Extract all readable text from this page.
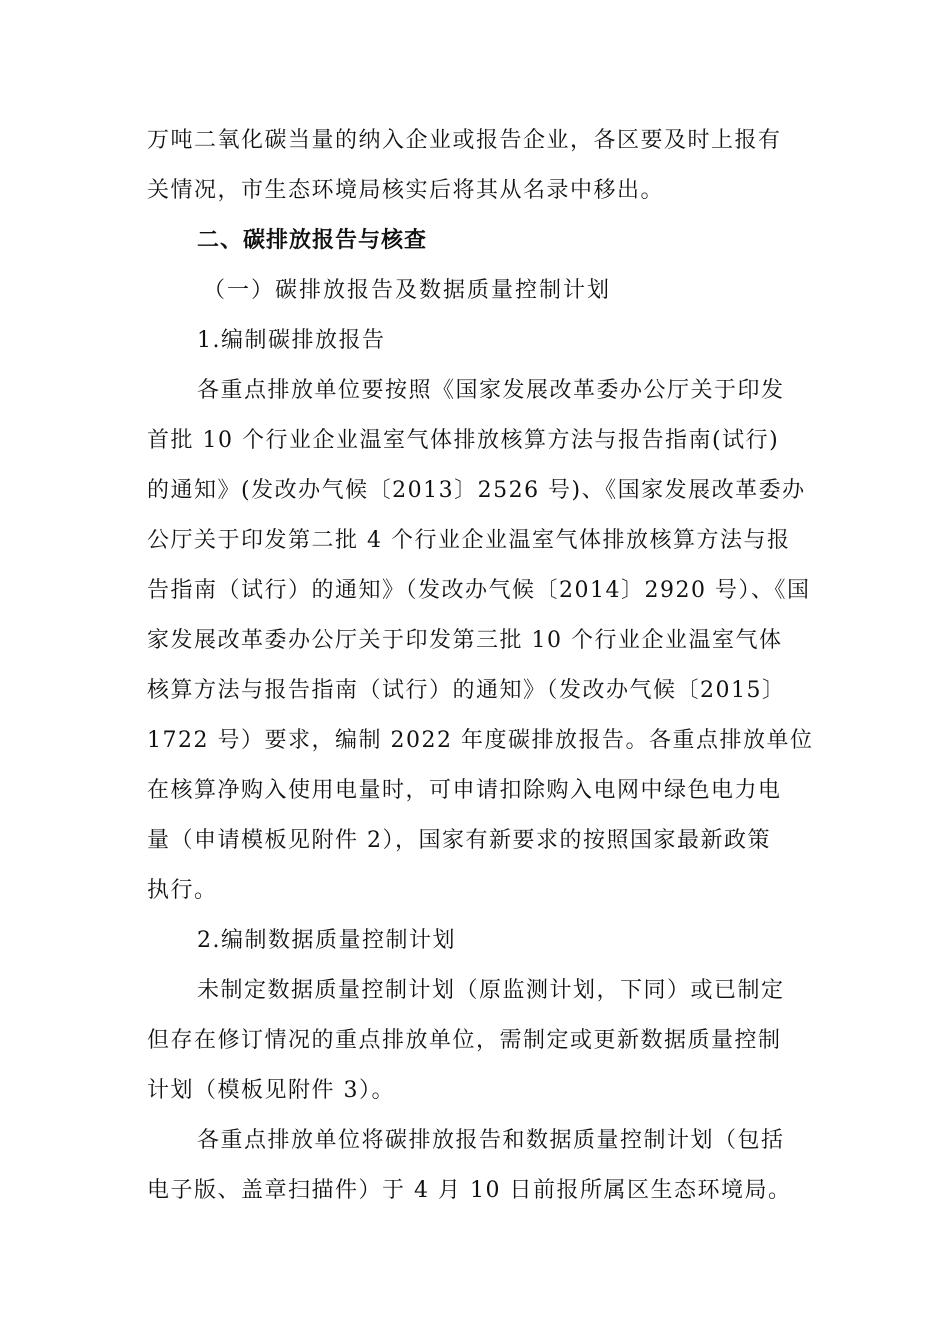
万吨二氧化碳当量的纳入企业或报告企业，各区要及时上报有
关情况，市生态环境局核实后将其从名录中移出。
二、碳排放报告与核查
（一）碳排放报告及数据质量控制计划
1.编制碳排放报告
各重点排放单位要按照《国家发展改革委办公厅关于印发
首批 10 个行业企业温室气体排放核算方法与报告指南(试行)
的通知》(发改办气候〔2013〕2526 号)、《国家发展改革委办
公厅关于印发第二批 4 个行业企业温室气体排放核算方法与报
告指南（试行）的通知》（发改办气候〔2014〕2920 号）、《国
家发展改革委办公厅关于印发第三批 10 个行业企业温室气体
核算方法与报告指南（试行）的通知》（发改办气候〔2015〕
1722 号）要求，编制 2022 年度碳排放报告。各重点排放单位
在核算净购入使用电量时，可申请扣除购入电网中绿色电力电
量（申请模板见附件 2），国家有新要求的按照国家最新政策
执行。
2.编制数据质量控制计划
未制定数据质量控制计划（原监测计划，下同）或已制定
但存在修订情况的重点排放单位，需制定或更新数据质量控制
计划（模板见附件 3）。
各重点排放单位将碳排放报告和数据质量控制计划（包括
电子版、盖章扫描件）于 4 月 10 日前报所属区生态环境局。
